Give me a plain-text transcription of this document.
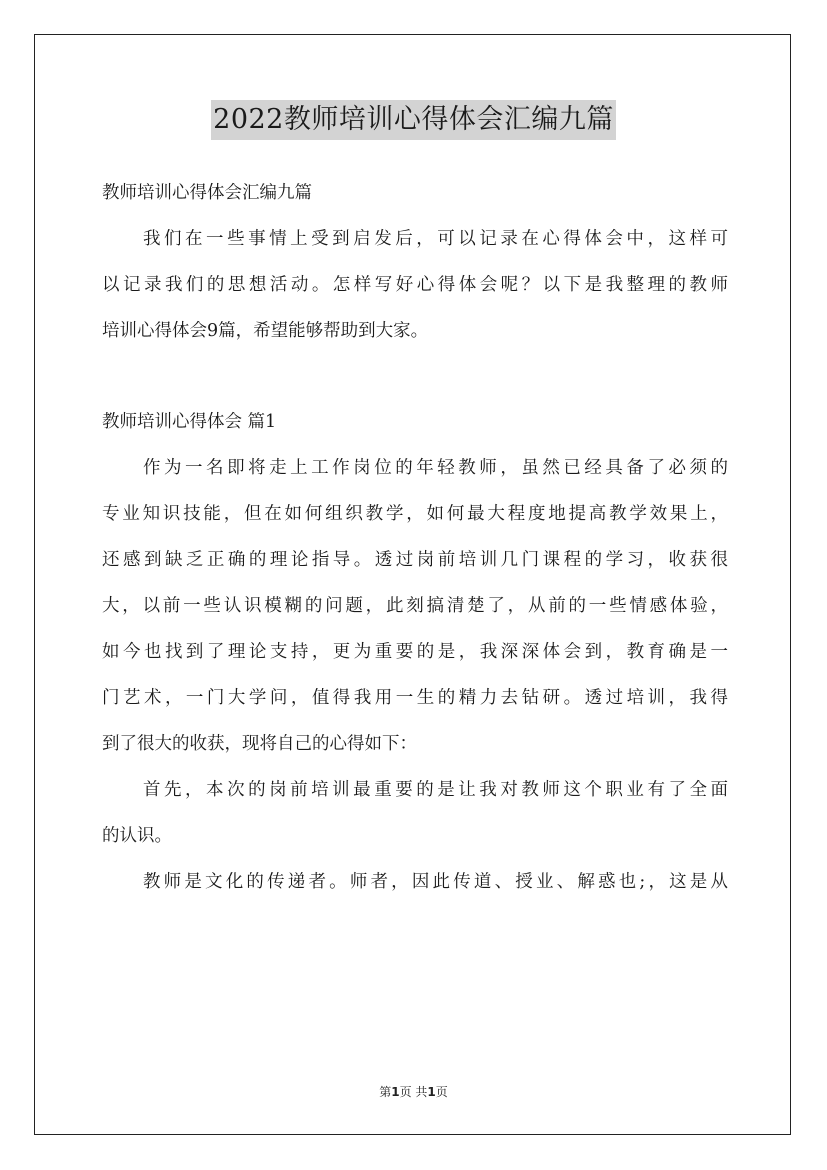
2022教师培训心得体会汇编九篇
教师培训心得体会汇编九篇
我们在一些事情上受到启发后，可以记录在心得体会中，这样可
以记录我们的思想活动。怎样写好心得体会呢？以下是我整理的教师
培训心得体会9篇，希望能够帮助到大家。
教师培训心得体会 篇1
作为一名即将走上工作岗位的年轻教师，虽然已经具备了必须的
专业知识技能，但在如何组织教学，如何最大程度地提高教学效果上，
还感到缺乏正确的理论指导。透过岗前培训几门课程的学习，收获很
大，以前一些认识模糊的问题，此刻搞清楚了，从前的一些情感体验，
如今也找到了理论支持，更为重要的是，我深深体会到，教育确是一
门艺术，一门大学问，值得我用一生的精力去钻研。透过培训，我得
到了很大的收获，现将自己的心得如下：
首先，本次的岗前培训最重要的是让我对教师这个职业有了全面
的认识。
教师是文化的传递者。师者，因此传道、授业、解惑也;，这是从
第1页 共1页
